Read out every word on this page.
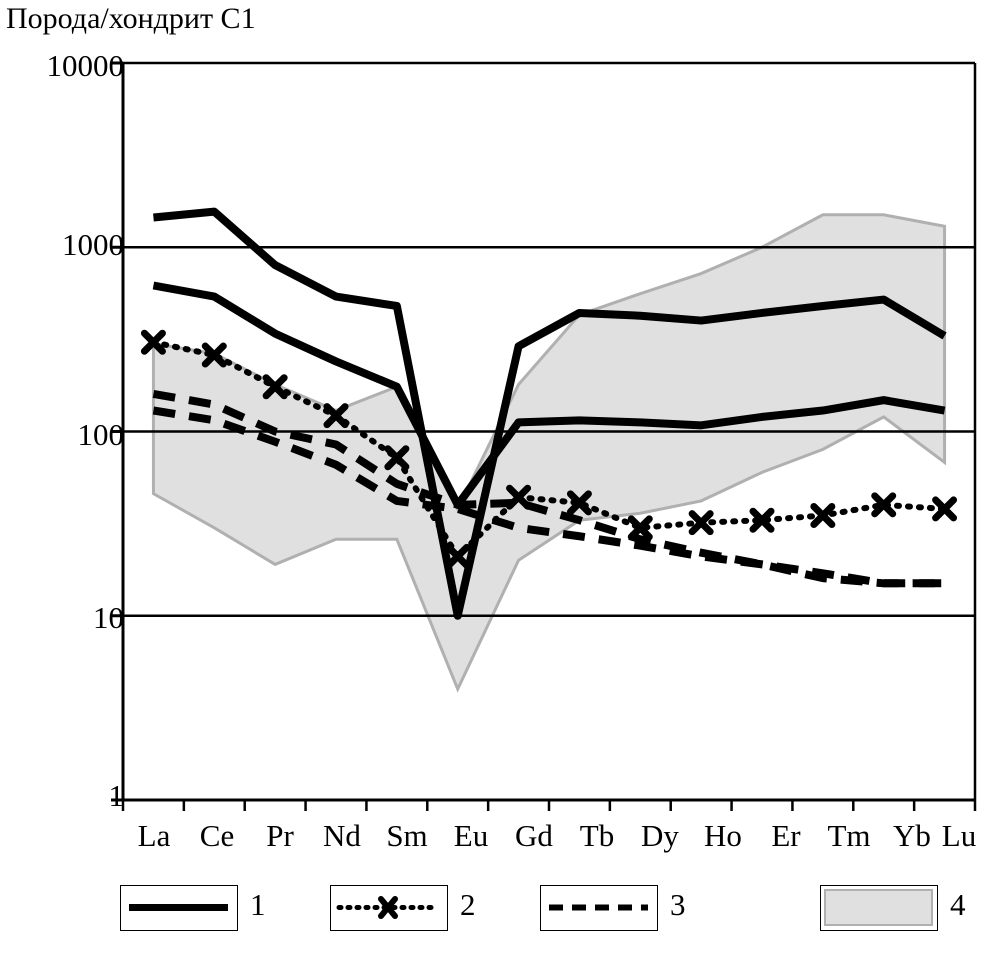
Порода/хондрит C1
10000
1000
100
10
1
La Ce	Pr Nd Sm Eu Gd Tb Dy Ho Er Tm Yb Lu
1	2	3	4
